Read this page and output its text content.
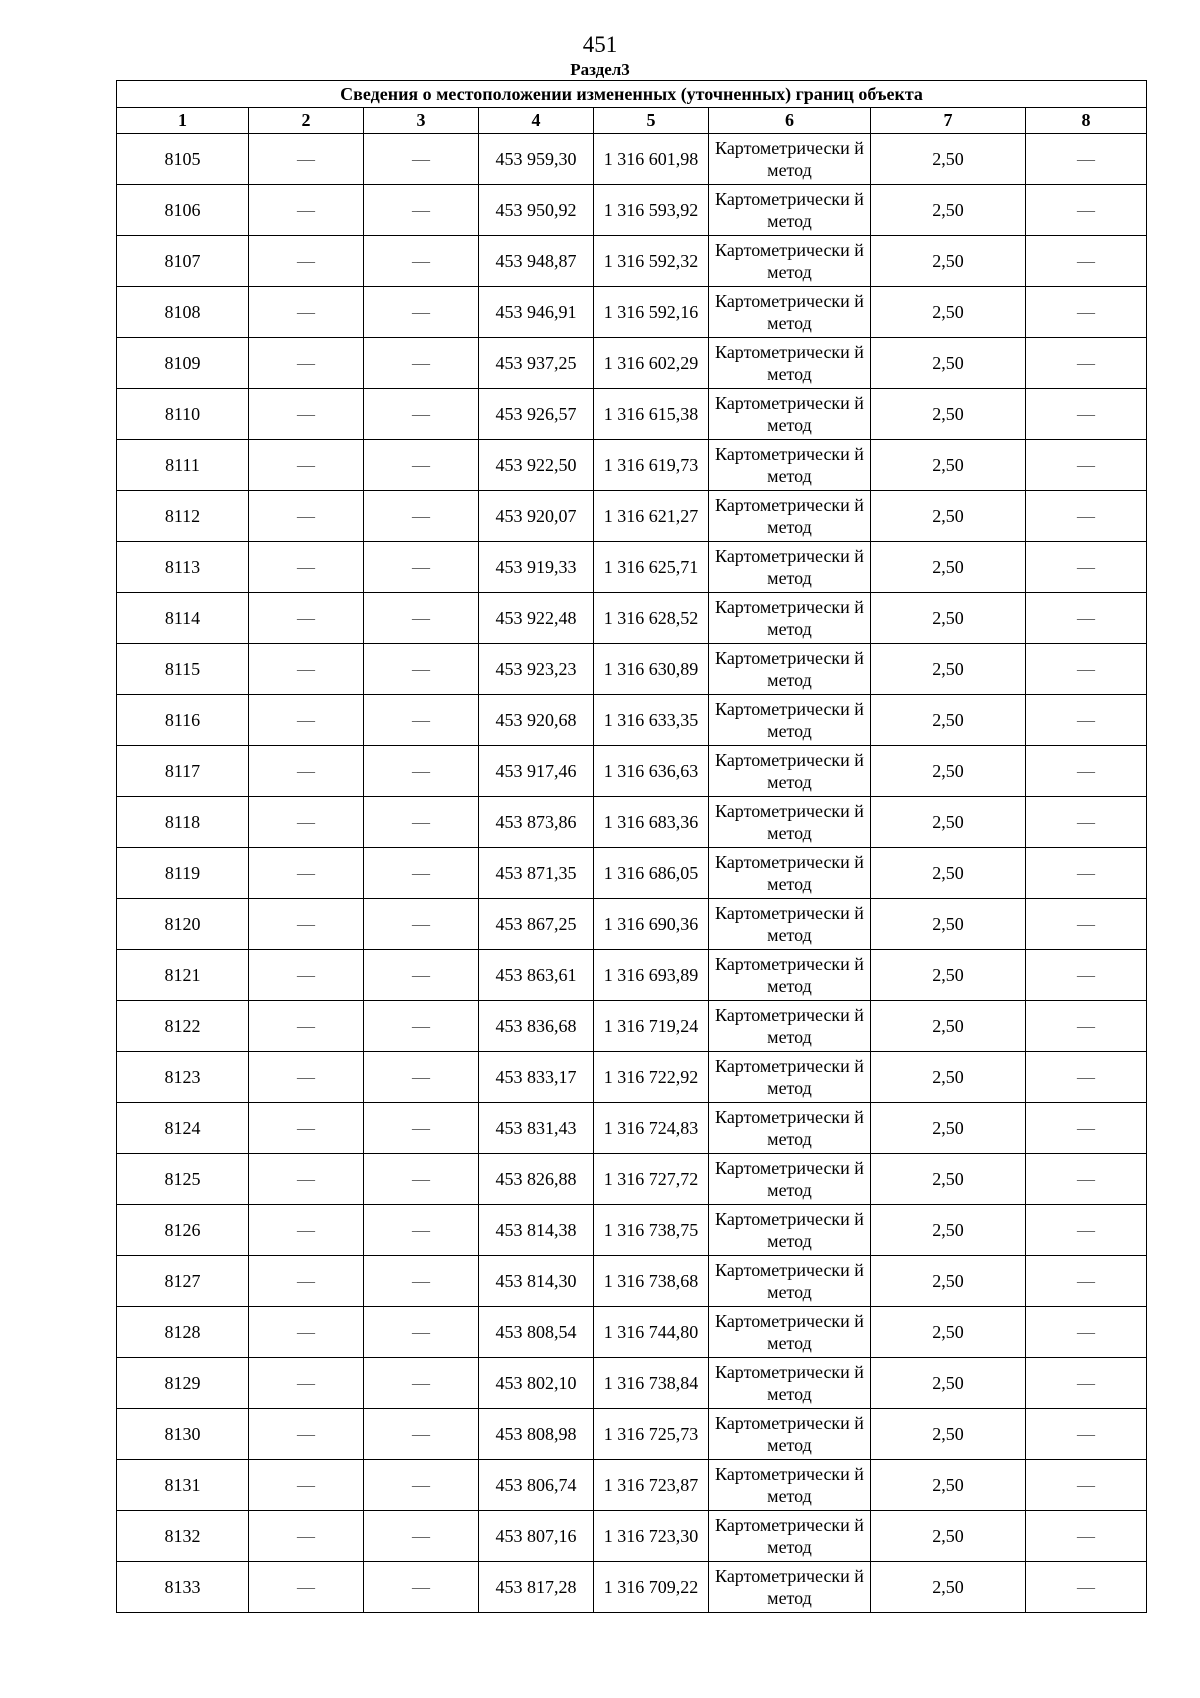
451
Раздел3
Сведения о местоположении измененных (уточненных) границ объекта							
1	2	3	4	5	6	7	8
8105	—	—	453 959,30	1 316 601,98	Картометрически й метод	2,50	—
8106	—	—	453 950,92	1 316 593,92	Картометрически й метод	2,50	—
8107	—	—	453 948,87	1 316 592,32	Картометрически й метод	2,50	—
8108	—	—	453 946,91	1 316 592,16	Картометрически й метод	2,50	—
8109	—	—	453 937,25	1 316 602,29	Картометрически й метод	2,50	—
8110	—	—	453 926,57	1 316 615,38	Картометрически й метод	2,50	—
8111	—	—	453 922,50	1 316 619,73	Картометрически й метод	2,50	—
8112	—	—	453 920,07	1 316 621,27	Картометрически й метод	2,50	—
8113	—	—	453 919,33	1 316 625,71	Картометрически й метод	2,50	—
8114	—	—	453 922,48	1 316 628,52	Картометрически й метод	2,50	—
8115	—	—	453 923,23	1 316 630,89	Картометрически й метод	2,50	—
8116	—	—	453 920,68	1 316 633,35	Картометрически й метод	2,50	—
8117	—	—	453 917,46	1 316 636,63	Картометрически й метод	2,50	—
8118	—	—	453 873,86	1 316 683,36	Картометрически й метод	2,50	—
8119	—	—	453 871,35	1 316 686,05	Картометрически й метод	2,50	—
8120	—	—	453 867,25	1 316 690,36	Картометрически й метод	2,50	—
8121	—	—	453 863,61	1 316 693,89	Картометрически й метод	2,50	—
8122	—	—	453 836,68	1 316 719,24	Картометрически й метод	2,50	—
8123	—	—	453 833,17	1 316 722,92	Картометрически й метод	2,50	—
8124	—	—	453 831,43	1 316 724,83	Картометрически й метод	2,50	—
8125	—	—	453 826,88	1 316 727,72	Картометрически й метод	2,50	—
8126	—	—	453 814,38	1 316 738,75	Картометрически й метод	2,50	—
8127	—	—	453 814,30	1 316 738,68	Картометрически й метод	2,50	—
8128	—	—	453 808,54	1 316 744,80	Картометрически й метод	2,50	—
8129	—	—	453 802,10	1 316 738,84	Картометрически й метод	2,50	—
8130	—	—	453 808,98	1 316 725,73	Картометрически й метод	2,50	—
8131	—	—	453 806,74	1 316 723,87	Картометрически й метод	2,50	—
8132	—	—	453 807,16	1 316 723,30	Картометрически й метод	2,50	—
8133	—	—	453 817,28	1 316 709,22	Картометрически й метод	2,50	—
